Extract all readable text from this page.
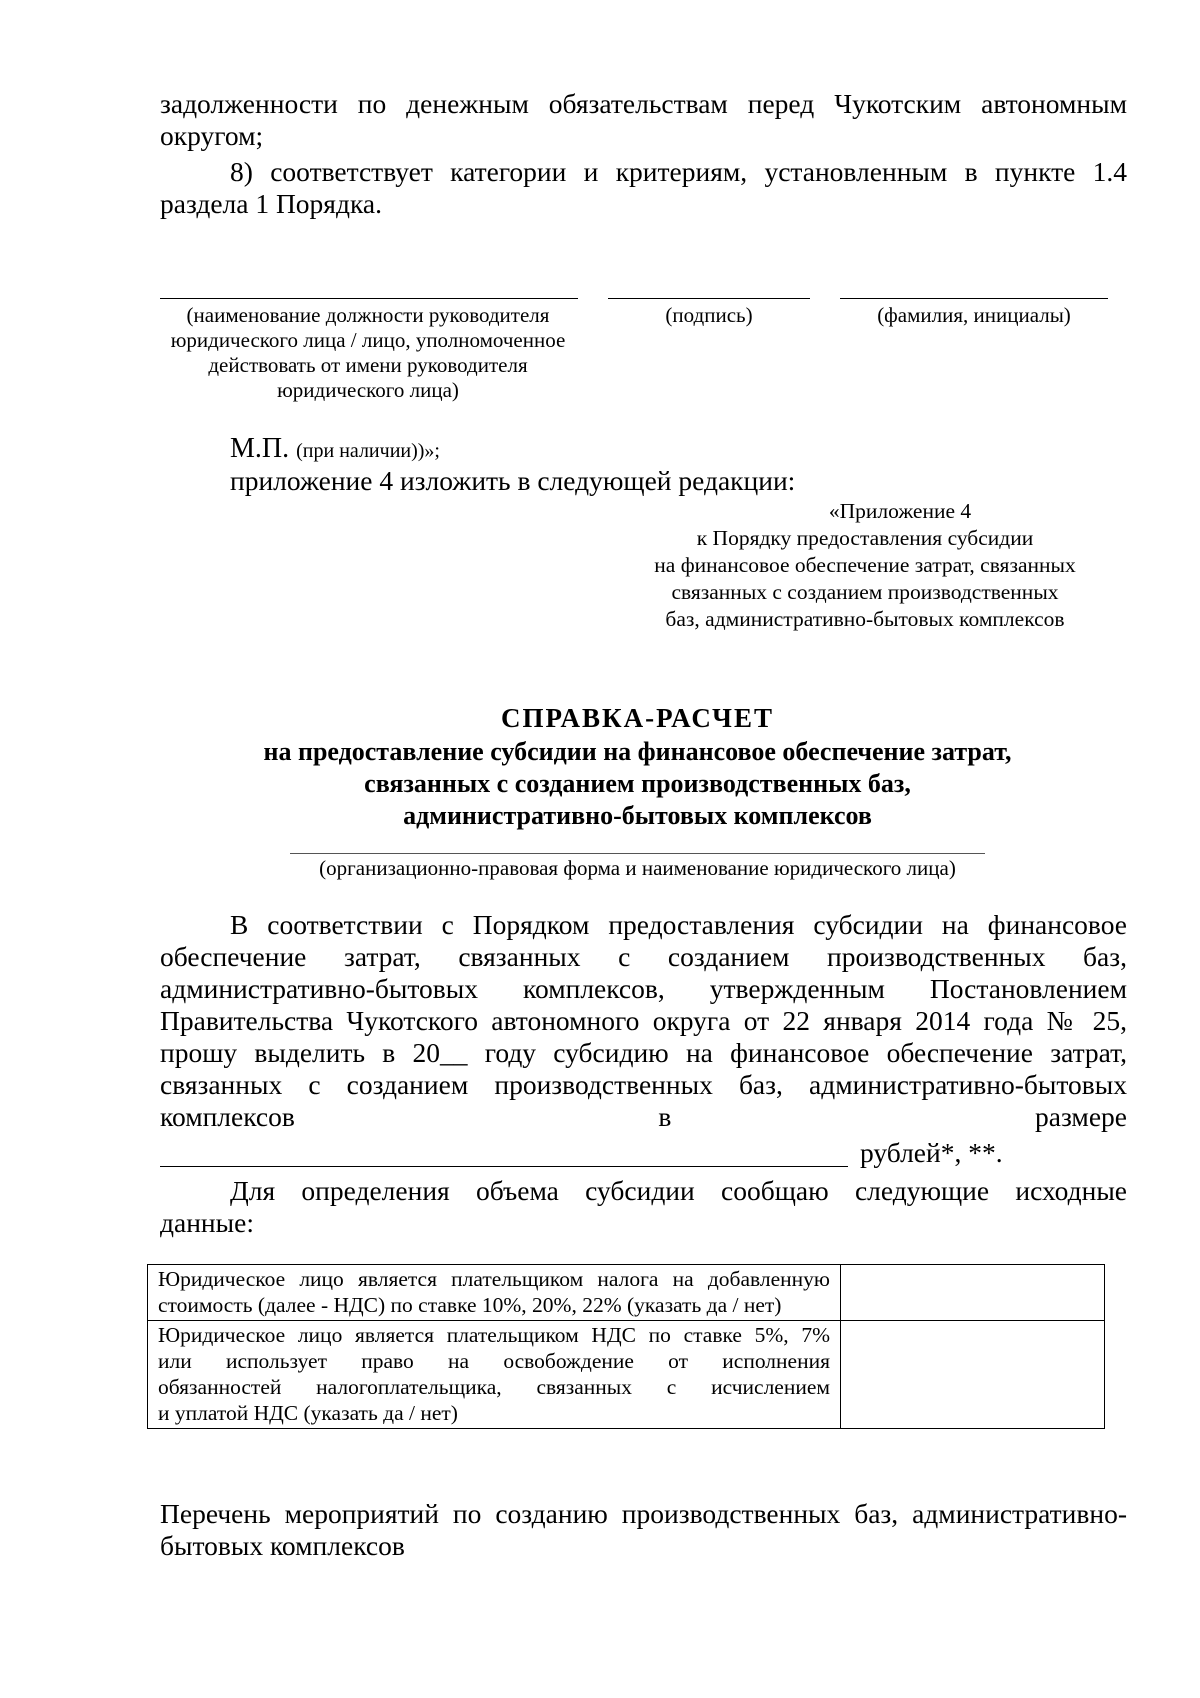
задолженности по денежным обязательствам перед Чукотским автономным
округом;
8) соответствует категории и критериям, установленным в пункте 1.4
раздела 1 Порядка.
(наименование должности руководителя
юридического лица / лицо, уполномоченное
действовать от имени руководителя
юридического лица)
(подпись)	(фамилия, инициалы)
М.П. (при наличии))»;
приложение 4 изложить в следующей редакции:
«Приложение 4
к Порядку предоставления субсидии
на финансовое обеспечение затрат, связанных
связанных с созданием производственных
баз, административно-бытовых комплексов
СПРАВКА-РАСЧЕТ
на предоставление субсидии на финансовое обеспечение затрат,
связанных с созданием производственных баз,
административно-бытовых комплексов
(организационно-правовая форма и наименование юридического лица)
В соответствии с Порядком предоставления субсидии на финансовое
обеспечение затрат, связанных с созданием производственных баз,
административно-бытовых комплексов, утвержденным Постановлением
Правительства Чукотского автономного округа от 22 января 2014 года № 25,
прошу выделить в 20__ году субсидию на финансовое обеспечение затрат,
связанных с созданием производственных баз, административно-бытовых
комплексов в размере
рублей*, **.
Для определения объема субсидии сообщаю следующие исходные
данные:
Юридическое лицо является плательщиком налога на добавленную
стоимость (далее - НДС) по ставке 10%, 20%, 22% (указать да / нет)	

Юридическое лицо является плательщиком НДС по ставке 5%, 7%
или использует право на освобождение от исполнения
обязанностей налогоплательщика, связанных с исчислением
и уплатой НДС (указать да / нет)	

Перечень мероприятий по созданию производственных баз, административно-
бытовых комплексов
